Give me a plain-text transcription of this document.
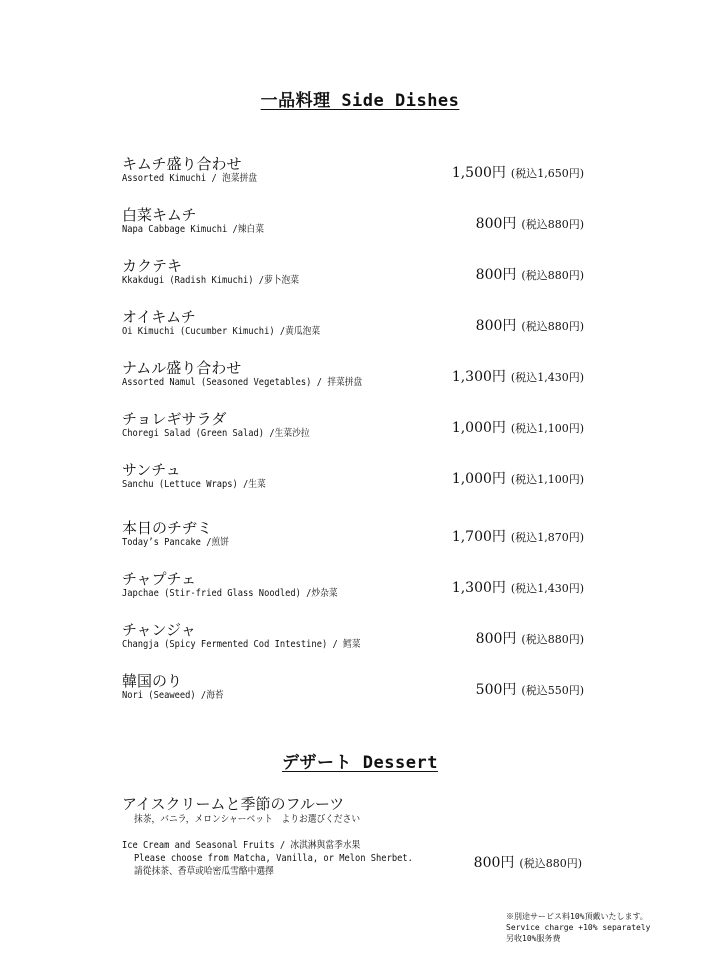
一品料理 Side Dishes
キムチ盛り合わせ
Assorted Kimuchi / 泡菜拼盘	1,500円 (税込1,650円)
白菜キムチ
Napa Cabbage Kimuchi /辣白菜	800円 (税込880円)
カクテキ
Kkakdugi (Radish Kimuchi) /萝卜泡菜	800円 (税込880円)
オイキムチ
Oi Kimuchi (Cucumber Kimuchi) /黄瓜泡菜	800円 (税込880円)
ナムル盛り合わせ
Assorted Namul (Seasoned Vegetables) / 拌菜拼盘	1,300円 (税込1,430円)
チョレギサラダ
Choregi Salad (Green Salad) /生菜沙拉	1,000円 (税込1,100円)
サンチュ
Sanchu (Lettuce Wraps) /生菜	1,000円 (税込1,100円)
本日のチヂミ
Today’s Pancake /煎饼	1,700円 (税込1,870円)
チャプチェ
Japchae (Stir-fried Glass Noodled) /炒杂菜	1,300円 (税込1,430円)
チャンジャ
Changja (Spicy Fermented Cod Intestine) / 鳕菜	800円 (税込880円)
韓国のり
Nori (Seaweed) /海苔	500円 (税込550円)
デザート Dessert
アイスクリームと季節のフルーツ
抹茶，バニラ，メロンシャーベット　よりお選びください
Ice Cream and Seasonal Fruits / 冰淇淋與當季水果
Please choose from Matcha, Vanilla, or Melon Sherbet.
請從抹茶、香草或哈密瓜雪酪中選擇
800円 (税込880円)
※別途サービス料10%頂戴いたします。
Service charge +10% separately
另收10%服务费
